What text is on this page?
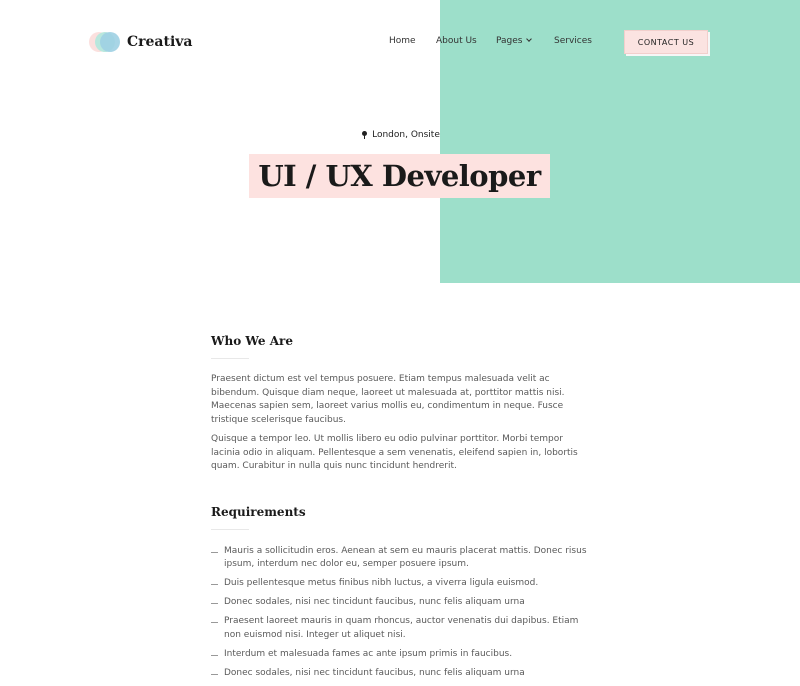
Creativa	Home About Us Pages	Services	CONTACT US
London, Onsite
UI / UX Developer
Who We Are

Praesent dictum est vel tempus posuere. Etiam tempus malesuada velit ac bibendum. Quisque diam neque, laoreet ut malesuada at, porttitor mattis nisi. Maecenas sapien sem, laoreet varius mollis eu, condimentum in neque. Fusce tristique scelerisque faucibus.

Quisque a tempor leo. Ut mollis libero eu odio pulvinar porttitor. Morbi tempor lacinia odio in aliquam. Pellentesque a sem venenatis, eleifend sapien in, lobortis quam. Curabitur in nulla quis nunc tincidunt hendrerit.

Requirements
Mauris a sollicitudin eros. Aenean at sem eu mauris placerat mattis. Donec risus ipsum, interdum nec dolor eu, semper posuere ipsum.
Duis pellentesque metus finibus nibh luctus, a viverra ligula euismod.
Donec sodales, nisi nec tincidunt faucibus, nunc felis aliquam urna
Praesent laoreet mauris in quam rhoncus, auctor venenatis dui dapibus. Etiam non euismod nisi. Integer ut aliquet nisi.
Interdum et malesuada fames ac ante ipsum primis in faucibus.
Donec sodales, nisi nec tincidunt faucibus, nunc felis aliquam urna
